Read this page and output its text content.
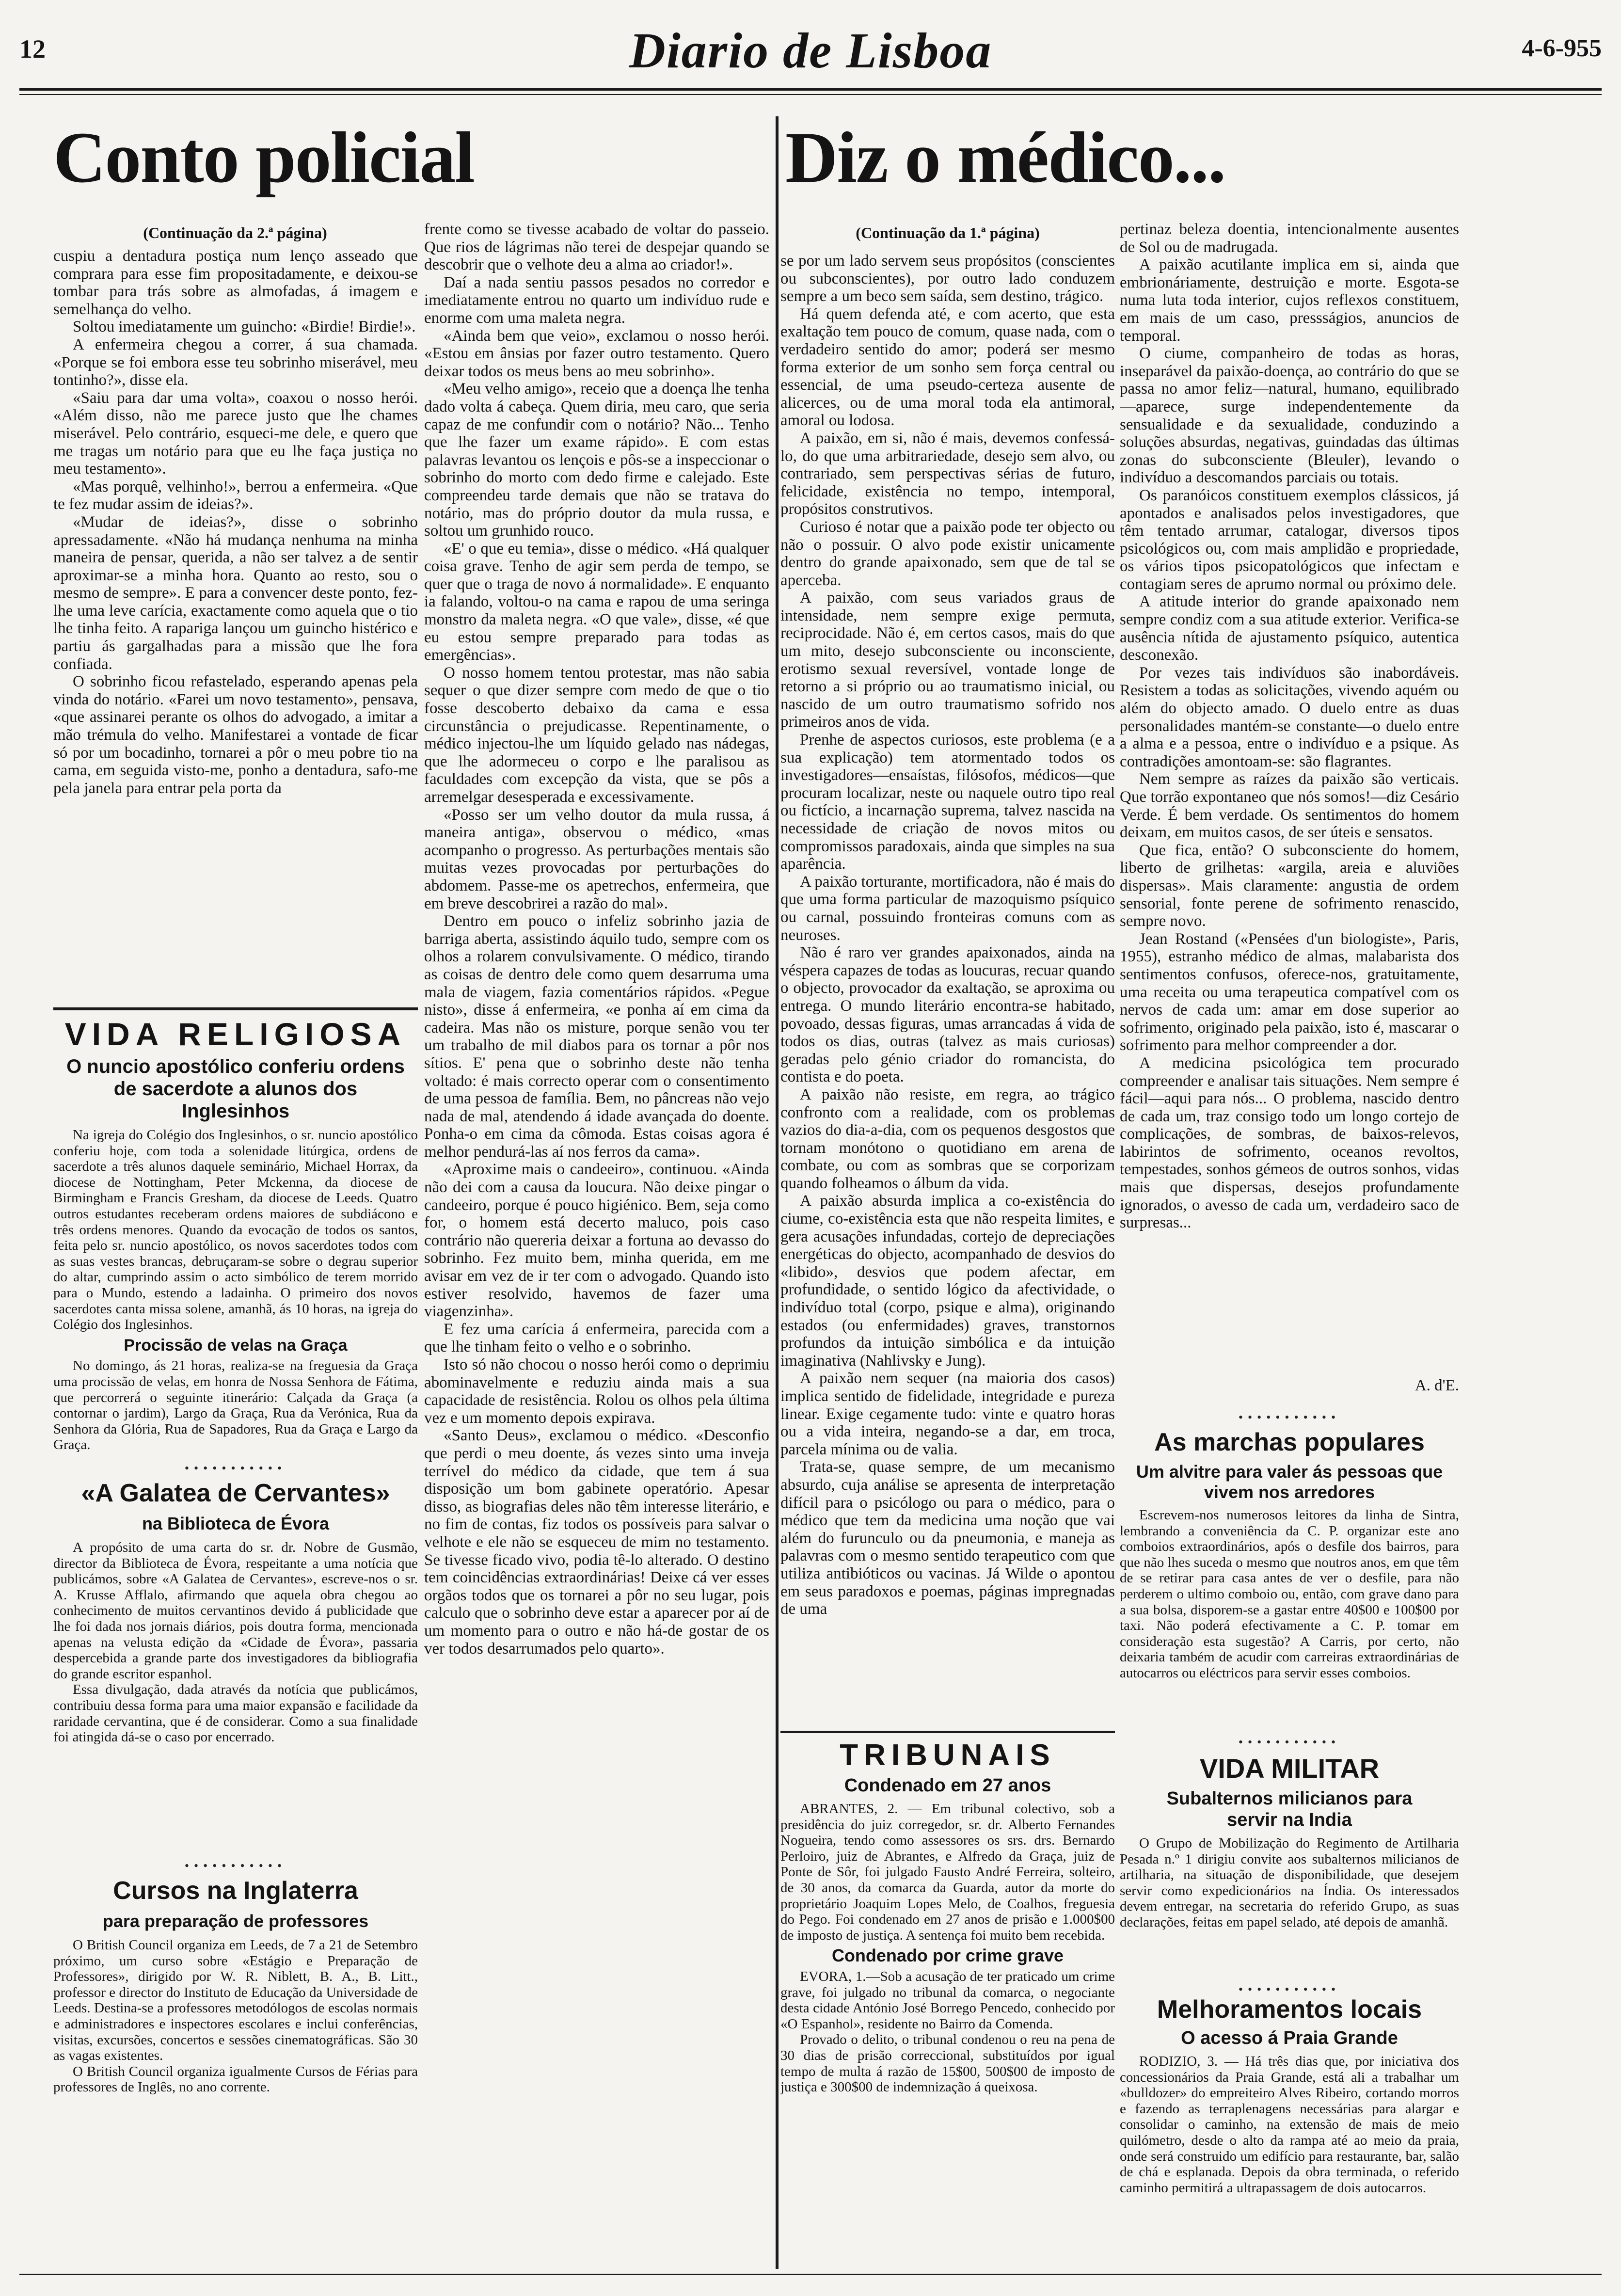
12	Diario de Lisboa	4-6-955
Conto policial
(Continuação da 2.ª página)

cuspiu a dentadura postiça num lenço asseado que comprara para esse fim propositadamente, e deixou-se tombar para trás sobre as almofadas, á imagem e semelhança do velho.

Soltou imediatamente um guincho: «Birdie! Birdie!».

A enfermeira chegou a correr, á sua chamada. «Porque se foi embora esse teu sobrinho miserável, meu tontinho?», disse ela.

«Saiu para dar uma volta», coaxou o nosso herói. «Além disso, não me parece justo que lhe chames miserável. Pelo contrário, esqueci-me dele, e quero que me tragas um notário para que eu lhe faça justiça no meu testamento».

«Mas porquê, velhinho!», berrou a enfermeira. «Que te fez mudar assim de ideias?».

«Mudar de ideias?», disse o sobrinho apressadamente. «Não há mudança nenhuma na minha maneira de pensar, querida, a não ser talvez a de sentir aproximar-se a minha hora. Quanto ao resto, sou o mesmo de sempre». E para a convencer deste ponto, fez-lhe uma leve carícia, exactamente como aquela que o tio lhe tinha feito. A rapariga lançou um guincho histérico e partiu ás gargalhadas para a missão que lhe fora confiada.

O sobrinho ficou refastelado, esperando apenas pela vinda do notário. «Farei um novo testamento», pensava, «que assinarei perante os olhos do advogado, a imitar a mão trémula do velho. Manifestarei a vontade de ficar só por um bocadinho, tornarei a pôr o meu pobre tio na cama, em seguida visto-me, ponho a dentadura, safo-me pela janela para entrar pela porta da

VIDA RELIGIOSA
O nuncio apostólico conferiu ordens de sacerdote a alunos dos Inglesinhos

Na igreja do Colégio dos Inglesinhos, o sr. nuncio apostólico conferiu hoje, com toda a solenidade litúrgica, ordens de sacerdote a três alunos daquele seminário, Michael Horrax, da diocese de Nottingham, Peter Mckenna, da diocese de Birmingham e Francis Gresham, da diocese de Leeds. Quatro outros estudantes receberam ordens maiores de subdiácono e três ordens menores. Quando da evocação de todos os santos, feita pelo sr. nuncio apostólico, os novos sacerdotes todos com as suas vestes brancas, debruçaram-se sobre o degrau superior do altar, cumprindo assim o acto simbólico de terem morrido para o Mundo, estendo a ladainha. O primeiro dos novos sacerdotes canta missa solene, amanhã, ás 10 horas, na igreja do Colégio dos Inglesinhos.

Procissão de velas na Graça

No domingo, ás 21 horas, realiza-se na freguesia da Graça uma procissão de velas, em honra de Nossa Senhora de Fátima, que percorrerá o seguinte itinerário: Calçada da Graça (a contornar o jardim), Largo da Graça, Rua da Verónica, Rua da Senhora da Glória, Rua de Sapadores, Rua da Graça e Largo da Graça.

•••••••••••
«A Galatea de Cervantes»
na Biblioteca de Évora

A propósito de uma carta do sr. dr. Nobre de Gusmão, director da Biblioteca de Évora, respeitante a uma notícia que publicámos, sobre «A Galatea de Cervantes», escreve-nos o sr. A. Krusse Afflalo, afirmando que aquela obra chegou ao conhecimento de muitos cervantinos devido á publicidade que lhe foi dada nos jornais diários, pois doutra forma, mencionada apenas na velusta edição da «Cidade de Évora», passaria despercebida a grande parte dos investigadores da bibliografia do grande escritor espanhol.

Essa divulgação, dada através da notícia que publicámos, contribuiu dessa forma para uma maior expansão e facilidade da raridade cervantina, que é de considerar. Como a sua finalidade foi atingida dá-se o caso por encerrado.

•••••••••••
Cursos na Inglaterra
para preparação de professores

O British Council organiza em Leeds, de 7 a 21 de Setembro próximo, um curso sobre «Estágio e Preparação de Professores», dirigido por W. R. Niblett, B. A., B. Litt., professor e director do Instituto de Educação da Universidade de Leeds. Destina-se a professores metodólogos de escolas normais e administradores e inspectores escolares e inclui conferências, visitas, excursões, concertos e sessões cinematográficas. São 30 as vagas existentes.

O British Council organiza igualmente Cursos de Férias para professores de Inglês, no ano corrente.

frente como se tivesse acabado de voltar do passeio. Que rios de lágrimas não terei de despejar quando se descobrir que o velhote deu a alma ao criador!».

Daí a nada sentiu passos pesados no corredor e imediatamente entrou no quarto um indivíduo rude e enorme com uma maleta negra.

«Ainda bem que veio», exclamou o nosso herói. «Estou em ânsias por fazer outro testamento. Quero deixar todos os meus bens ao meu sobrinho».

«Meu velho amigo», receio que a doença lhe tenha dado volta á cabeça. Quem diria, meu caro, que seria capaz de me confundir com o notário? Não... Tenho que lhe fazer um exame rápido». E com estas palavras levantou os lençois e pôs-se a inspeccionar o sobrinho do morto com dedo firme e calejado. Este compreendeu tarde demais que não se tratava do notário, mas do próprio doutor da mula russa, e soltou um grunhido rouco.

«E' o que eu temia», disse o médico. «Há qualquer coisa grave. Tenho de agir sem perda de tempo, se quer que o traga de novo á normalidade». E enquanto ia falando, voltou-o na cama e rapou de uma seringa monstro da maleta negra. «O que vale», disse, «é que eu estou sempre preparado para todas as emergências».

O nosso homem tentou protestar, mas não sabia sequer o que dizer sempre com medo de que o tio fosse descoberto debaixo da cama e essa circunstância o prejudicasse. Repentinamente, o médico injectou-lhe um líquido gelado nas nádegas, que lhe adormeceu o corpo e lhe paralisou as faculdades com excepção da vista, que se pôs a arremelgar desesperada e excessivamente.

«Posso ser um velho doutor da mula russa, á maneira antiga», observou o médico, «mas acompanho o progresso. As perturbações mentais são muitas vezes provocadas por perturbações do abdomem. Passe-me os apetrechos, enfermeira, que em breve descobrirei a razão do mal».

Dentro em pouco o infeliz sobrinho jazia de barriga aberta, assistindo áquilo tudo, sempre com os olhos a rolarem convulsivamente. O médico, tirando as coisas de dentro dele como quem desarruma uma mala de viagem, fazia comentários rápidos. «Pegue nisto», disse á enfermeira, «e ponha aí em cima da cadeira. Mas não os misture, porque senão vou ter um trabalho de mil diabos para os tornar a pôr nos sítios. E' pena que o sobrinho deste não tenha voltado: é mais correcto operar com o consentimento de uma pessoa de família. Bem, no pâncreas não vejo nada de mal, atendendo á idade avançada do doente. Ponha-o em cima da cômoda. Estas coisas agora é melhor pendurá-las aí nos ferros da cama».

«Aproxime mais o candeeiro», continuou. «Ainda não dei com a causa da loucura. Não deixe pingar o candeeiro, porque é pouco higiénico. Bem, seja como for, o homem está decerto maluco, pois caso contrário não quereria deixar a fortuna ao devasso do sobrinho. Fez muito bem, minha querida, em me avisar em vez de ir ter com o advogado. Quando isto estiver resolvido, havemos de fazer uma viagenzinha».

E fez uma carícia á enfermeira, parecida com a que lhe tinham feito o velho e o sobrinho.

Isto só não chocou o nosso herói como o deprimiu abominavelmente e reduziu ainda mais a sua capacidade de resistência. Rolou os olhos pela última vez e um momento depois expirava.

«Santo Deus», exclamou o médico. «Desconfio que perdi o meu doente, ás vezes sinto uma inveja terrível do médico da cidade, que tem á sua disposição um bom gabinete operatório. Apesar disso, as biografias deles não têm interesse literário, e no fim de contas, fiz todos os possíveis para salvar o velhote e ele não se esqueceu de mim no testamento. Se tivesse ficado vivo, podia tê-lo alterado. O destino tem coincidências extraordinárias! Deixe cá ver esses orgãos todos que os tornarei a pôr no seu lugar, pois calculo que o sobrinho deve estar a aparecer por aí de um momento para o outro e não há-de gostar de os ver todos desarrumados pelo quarto».

Diz o médico...
(Continuação da 1.ª página)

se por um lado servem seus propósitos (conscientes ou subconscientes), por outro lado conduzem sempre a um beco sem saída, sem destino, trágico.

Há quem defenda até, e com acerto, que esta exaltação tem pouco de comum, quase nada, com o verdadeiro sentido do amor; poderá ser mesmo forma exterior de um sonho sem força central ou essencial, de uma pseudo-certeza ausente de alicerces, ou de uma moral toda ela antimoral, amoral ou lodosa.

A paixão, em si, não é mais, devemos confessá-lo, do que uma arbitrariedade, desejo sem alvo, ou contrariado, sem perspectivas sérias de futuro, felicidade, existência no tempo, intemporal, propósitos construtivos.

Curioso é notar que a paixão pode ter objecto ou não o possuir. O alvo pode existir unicamente dentro do grande apaixonado, sem que de tal se aperceba.

A paixão, com seus variados graus de intensidade, nem sempre exige permuta, reciprocidade. Não é, em certos casos, mais do que um mito, desejo subconsciente ou inconsciente, erotismo sexual reversível, vontade longe de retorno a si próprio ou ao traumatismo inicial, ou nascido de um outro traumatismo sofrido nos primeiros anos de vida.

Prenhe de aspectos curiosos, este problema (e a sua explicação) tem atormentado todos os investigadores—ensaístas, filósofos, médicos—que procuram localizar, neste ou naquele outro tipo real ou fictício, a incarnação suprema, talvez nascida na necessidade de criação de novos mitos ou compromissos paradoxais, ainda que simples na sua aparência.

A paixão torturante, mortificadora, não é mais do que uma forma particular de mazoquismo psíquico ou carnal, possuindo fronteiras comuns com as neuroses.

Não é raro ver grandes apaixonados, ainda na véspera capazes de todas as loucuras, recuar quando o objecto, provocador da exaltação, se aproxima ou entrega. O mundo literário encontra-se habitado, povoado, dessas figuras, umas arrancadas á vida de todos os dias, outras (talvez as mais curiosas) geradas pelo génio criador do romancista, do contista e do poeta.

A paixão não resiste, em regra, ao trágico confronto com a realidade, com os problemas vazios do dia-a-dia, com os pequenos desgostos que tornam monótono o quotidiano em arena de combate, ou com as sombras que se corporizam quando folheamos o álbum da vida.

A paixão absurda implica a co-existência do ciume, co-existência esta que não respeita limites, e gera acusações infundadas, cortejo de depreciações energéticas do objecto, acompanhado de desvios do «libido», desvios que podem afectar, em profundidade, o sentido lógico da afectividade, o indivíduo total (corpo, psique e alma), originando estados (ou enfermidades) graves, transtornos profundos da intuição simbólica e da intuição imaginativa (Nahlivsky e Jung).

A paixão nem sequer (na maioria dos casos) implica sentido de fidelidade, integridade e pureza linear. Exige cegamente tudo: vinte e quatro horas ou a vida inteira, negando-se a dar, em troca, parcela mínima ou de valia.

Trata-se, quase sempre, de um mecanismo absurdo, cuja análise se apresenta de interpretação difícil para o psicólogo ou para o médico, para o médico que tem da medicina uma noção que vai além do furunculo ou da pneumonia, e maneja as palavras com o mesmo sentido terapeutico com que utiliza antibióticos ou vacinas. Já Wilde o apontou em seus paradoxos e poemas, páginas impregnadas de uma

pertinaz beleza doentia, intencionalmente ausentes de Sol ou de madrugada.

A paixão acutilante implica em si, ainda que embrionáriamente, destruição e morte. Esgota-se numa luta toda interior, cujos reflexos constituem, em mais de um caso, pressságios, anuncios de temporal.

O ciume, companheiro de todas as horas, inseparável da paixão-doença, ao contrário do que se passa no amor feliz—natural, humano, equilibrado—aparece, surge independentemente da sensualidade e da sexualidade, conduzindo a soluções absurdas, negativas, guindadas das últimas zonas do subconsciente (Bleuler), levando o indivíduo a descomandos parciais ou totais.

Os paranóicos constituem exemplos clássicos, já apontados e analisados pelos investigadores, que têm tentado arrumar, catalogar, diversos tipos psicológicos ou, com mais amplidão e propriedade, os vários tipos psicopatológicos que infectam e contagiam seres de aprumo normal ou próximo dele.

A atitude interior do grande apaixonado nem sempre condiz com a sua atitude exterior. Verifica-se ausência nítida de ajustamento psíquico, autentica desconexão.

Por vezes tais indivíduos são inabordáveis. Resistem a todas as solicitações, vivendo aquém ou além do objecto amado. O duelo entre as duas personalidades mantém-se constante—o duelo entre a alma e a pessoa, entre o indivíduo e a psique. As contradições amontoam-se: são flagrantes.

Nem sempre as raízes da paixão são verticais. Que torrão expontaneo que nós somos!—diz Cesário Verde. É bem verdade. Os sentimentos do homem deixam, em muitos casos, de ser úteis e sensatos.

Que fica, então? O subconsciente do homem, liberto de grilhetas: «argila, areia e aluviões dispersas». Mais claramente: angustia de ordem sensorial, fonte perene de sofrimento renascido, sempre novo.

Jean Rostand («Pensées d'un biologiste», Paris, 1955), estranho médico de almas, malabarista dos sentimentos confusos, oferece-nos, gratuitamente, uma receita ou uma terapeutica compatível com os nervos de cada um: amar em dose superior ao sofrimento, originado pela paixão, isto é, mascarar o sofrimento para melhor compreender a dor.

A medicina psicológica tem procurado compreender e analisar tais situações. Nem sempre é fácil—aqui para nós... O problema, nascido dentro de cada um, traz consigo todo um longo cortejo de complicações, de sombras, de baixos-relevos, labirintos de sofrimento, oceanos revoltos, tempestades, sonhos gémeos de outros sonhos, vidas mais que dispersas, desejos profundamente ignorados, o avesso de cada um, verdadeiro saco de surpresas...

A. d'E.
•••••••••••
As marchas populares
Um alvitre para valer ás pessoas que vivem nos arredores

Escrevem-nos numerosos leitores da linha de Sintra, lembrando a conveniência da C. P. organizar este ano comboios extraordinários, após o desfile dos bairros, para que não lhes suceda o mesmo que noutros anos, em que têm de se retirar para casa antes de ver o desfile, para não perderem o ultimo comboio ou, então, com grave dano para a sua bolsa, disporem-se a gastar entre 40$00 e 100$00 por taxi. Não poderá efectivamente a C. P. tomar em consideração esta sugestão? A Carris, por certo, não deixaria também de acudir com carreiras extraordinárias de autocarros ou eléctricos para servir esses comboios.

TRIBUNAIS
Condenado em 27 anos

ABRANTES, 2. — Em tribunal colectivo, sob a presidência do juiz corregedor, sr. dr. Alberto Fernandes Nogueira, tendo como assessores os srs. drs. Bernardo Perloiro, juiz de Abrantes, e Alfredo da Graça, juiz de Ponte de Sôr, foi julgado Fausto André Ferreira, solteiro, de 30 anos, da comarca da Guarda, autor da morte do proprietário Joaquim Lopes Melo, de Coalhos, freguesia do Pego. Foi condenado em 27 anos de prisão e 1.000$00 de imposto de justiça. A sentença foi muito bem recebida.

Condenado por crime grave

EVORA, 1.—Sob a acusação de ter praticado um crime grave, foi julgado no tribunal da comarca, o negociante desta cidade António José Borrego Pencedo, conhecido por «O Espanhol», residente no Bairro da Comenda.

Provado o delito, o tribunal condenou o reu na pena de 30 dias de prisão correccional, substituídos por igual tempo de multa á razão de 15$00, 500$00 de imposto de justiça e 300$00 de indemnização á queixosa.

•••••••••••
VIDA MILITAR
Subalternos milicianos para servir na India

O Grupo de Mobilização do Regimento de Artilharia Pesada n.º 1 dirigiu convite aos subalternos milicianos de artilharia, na situação de disponibilidade, que desejem servir como expedicionários na Índia. Os interessados devem entregar, na secretaria do referido Grupo, as suas declarações, feitas em papel selado, até depois de amanhã.

•••••••••••
Melhoramentos locais
O acesso á Praia Grande

RODIZIO, 3. — Há três dias que, por iniciativa dos concessionários da Praia Grande, está ali a trabalhar um «bulldozer» do empreiteiro Alves Ribeiro, cortando morros e fazendo as terraplenagens necessárias para alargar e consolidar o caminho, na extensão de mais de meio quilómetro, desde o alto da rampa até ao meio da praia, onde será construido um edifício para restaurante, bar, salão de chá e esplanada. Depois da obra terminada, o referido caminho permitirá a ultrapassagem de dois autocarros.
